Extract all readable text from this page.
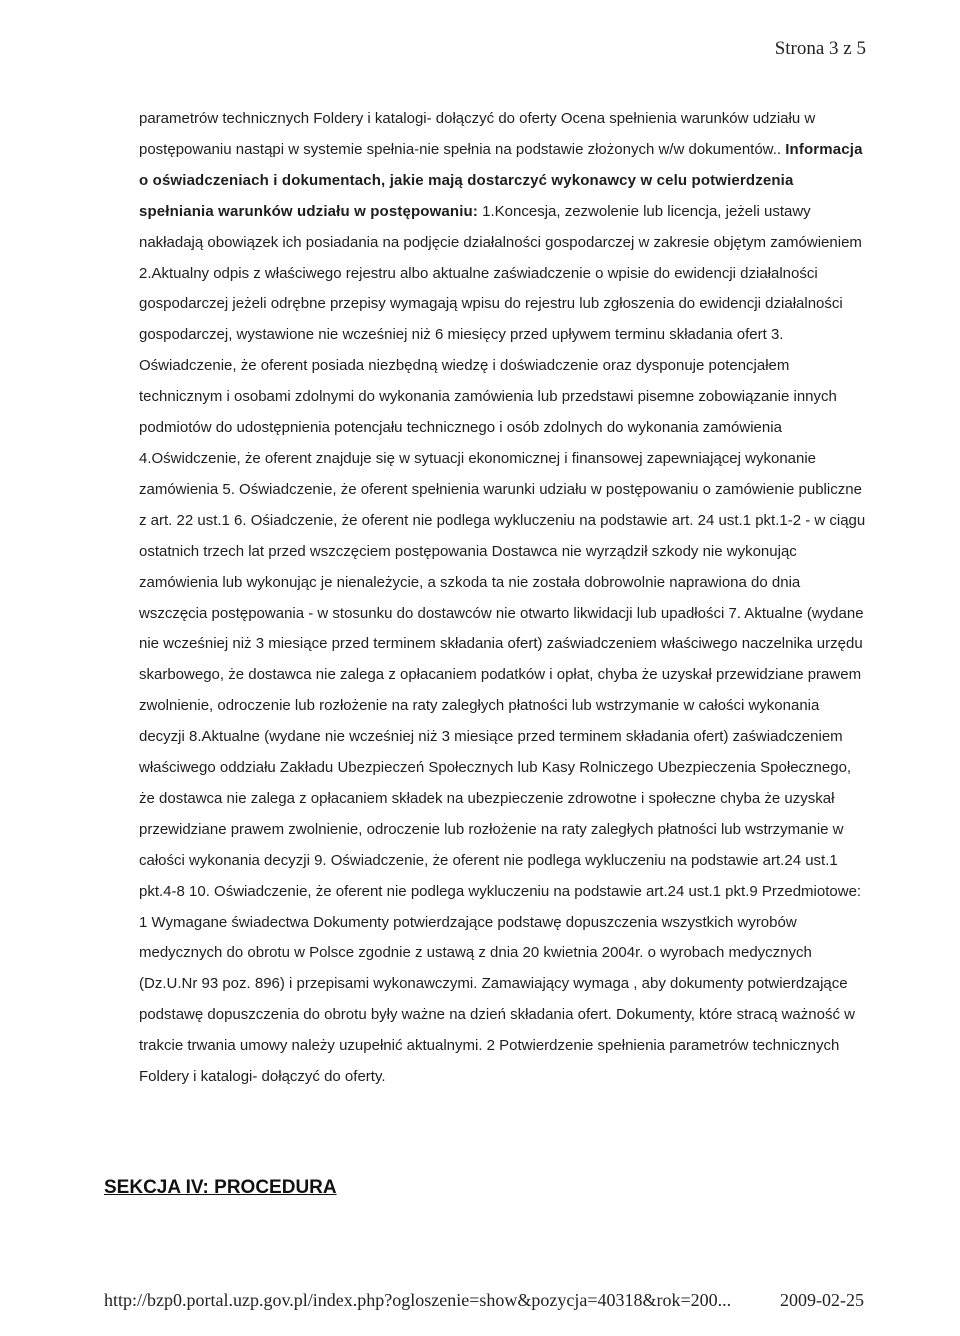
Strona 3 z 5
parametrów technicznych Foldery i katalogi- dołączyć do oferty Ocena spełnienia warunków udziału w postępowaniu nastąpi w systemie spełnia-nie spełnia na podstawie złożonych w/w dokumentów.. Informacja o oświadczeniach i dokumentach, jakie mają dostarczyć wykonawcy w celu potwierdzenia spełniania warunków udziału w postępowaniu: 1.Koncesja, zezwolenie lub licencja, jeżeli ustawy nakładają obowiązek ich posiadania na podjęcie działalności gospodarczej w zakresie objętym zamówieniem 2.Aktualny odpis z właściwego rejestru albo aktualne zaświadczenie o wpisie do ewidencji działalności gospodarczej jeżeli odrębne przepisy wymagają wpisu do rejestru lub zgłoszenia do ewidencji działalności gospodarczej, wystawione nie wcześniej niż 6 miesięcy przed upływem terminu składania ofert 3. Oświadczenie, że oferent posiada niezbędną wiedzę i doświadczenie oraz dysponuje potencjałem technicznym i osobami zdolnymi do wykonania zamówienia lub przedstawi pisemne zobowiązanie innych podmiotów do udostępnienia potencjału technicznego i osób zdolnych do wykonania zamówienia 4.Oświdczenie, że oferent znajduje się w sytuacji ekonomicznej i finansowej zapewniającej wykonanie zamówienia 5. Oświadczenie, że oferent spełnienia warunki udziału w postępowaniu o zamówienie publiczne z art. 22 ust.1 6. Ośiadczenie, że oferent nie podlega wykluczeniu na podstawie art. 24 ust.1 pkt.1-2 - w ciągu ostatnich trzech lat przed wszczęciem postępowania Dostawca nie wyrządził szkody nie wykonując zamówienia lub wykonując je nienależycie, a szkoda ta nie została dobrowolnie naprawiona do dnia wszczęcia postępowania - w stosunku do dostawców nie otwarto likwidacji lub upadłości 7. Aktualne (wydane nie wcześniej niż 3 miesiące przed terminem składania ofert) zaświadczeniem właściwego naczelnika urzędu skarbowego, że dostawca nie zalega z opłacaniem podatków i opłat, chyba że uzyskał przewidziane prawem zwolnienie, odroczenie lub rozłożenie na raty zaległych płatności lub wstrzymanie w całości wykonania decyzji 8.Aktualne (wydane nie wcześniej niż 3 miesiące przed terminem składania ofert) zaświadczeniem właściwego oddziału Zakładu Ubezpieczeń Społecznych lub Kasy Rolniczego Ubezpieczenia Społecznego, że dostawca nie zalega z opłacaniem składek na ubezpieczenie zdrowotne i społeczne chyba że uzyskał przewidziane prawem zwolnienie, odroczenie lub rozłożenie na raty zaległych płatności lub wstrzymanie w całości wykonania decyzji 9. Oświadczenie, że oferent nie podlega wykluczeniu na podstawie art.24 ust.1 pkt.4-8 10. Oświadczenie, że oferent nie podlega wykluczeniu na podstawie art.24 ust.1 pkt.9 Przedmiotowe: 1 Wymagane świadectwa Dokumenty potwierdzające podstawę dopuszczenia wszystkich wyrobów medycznych do obrotu w Polsce zgodnie z ustawą z dnia 20 kwietnia 2004r. o wyrobach medycznych (Dz.U.Nr 93 poz. 896) i przepisami wykonawczymi. Zamawiający wymaga , aby dokumenty potwierdzające podstawę dopuszczenia do obrotu były ważne na dzień składania ofert. Dokumenty, które stracą ważność w trakcie trwania umowy należy uzupełnić aktualnymi. 2 Potwierdzenie spełnienia parametrów technicznych Foldery i katalogi- dołączyć do oferty.
SEKCJA IV: PROCEDURA
http://bzp0.portal.uzp.gov.pl/index.php?ogloszenie=show&pozycja=40318&rok=200...	2009-02-25
